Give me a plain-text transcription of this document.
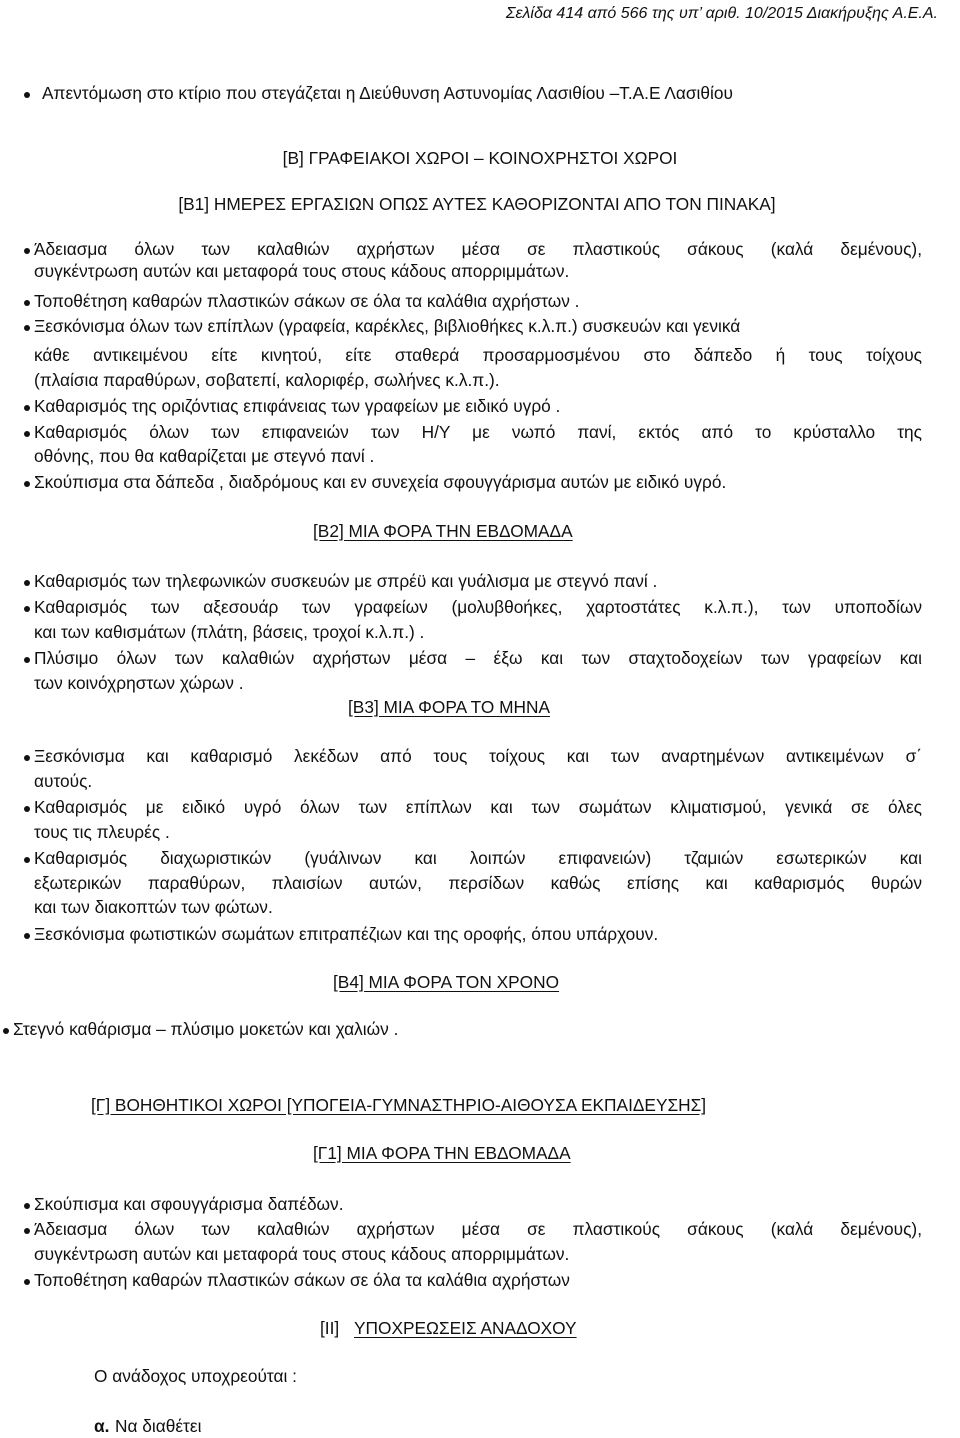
Σελίδα 414 από 566 της υπ’ αριθ. 10/2015 Διακήρυξης Α.Ε.Α.
Απεντόμωση στο κτίριο που στεγάζεται η Διεύθυνση Αστυνομίας Λασιθίου –Τ.Α.Ε Λασιθίου
[Β] ΓΡΑΦΕΙΑΚΟΙ ΧΩΡΟΙ – ΚΟΙΝΟΧΡΗΣΤΟΙ ΧΩΡΟΙ
[Β1] ΗΜΕΡΕΣ ΕΡΓΑΣΙΩΝ ΟΠΩΣ ΑΥΤΕΣ ΚΑΘΟΡΙΖΟΝΤΑΙ ΑΠΟ ΤΟΝ ΠΙΝΑΚΑ]
Άδειασμα όλων των καλαθιών αχρήστων μέσα σε πλαστικούς σάκους (καλά δεμένους),
συγκέντρωση αυτών και μεταφορά τους στους κάδους απορριμμάτων.
Τοποθέτηση καθαρών πλαστικών σάκων σε όλα τα καλάθια αχρήστων .
Ξεσκόνισμα όλων των επίπλων (γραφεία, καρέκλες, βιβλιοθήκες κ.λ.π.) συσκευών και γενικά
κάθε αντικειμένου είτε κινητού, είτε σταθερά προσαρμοσμένου στο δάπεδο ή τους τοίχους
(πλαίσια παραθύρων, σοβατεπί, καλοριφέρ, σωλήνες κ.λ.π.).
Καθαρισμός της οριζόντιας επιφάνειας των γραφείων με ειδικό υγρό .
Καθαρισμός όλων των επιφανειών των Η/Υ με νωπό πανί, εκτός από το κρύσταλλο της
οθόνης, που θα καθαρίζεται με στεγνό πανί .
Σκούπισμα στα δάπεδα , διαδρόμους και εν συνεχεία σφουγγάρισμα αυτών με ειδικό υγρό.
[Β2] ΜΙΑ ΦΟΡΑ ΤΗΝ ΕΒΔΟΜΑΔΑ
Καθαρισμός των τηλεφωνικών συσκευών με σπρέϋ και γυάλισμα με στεγνό πανί .
Καθαρισμός των αξεσουάρ των γραφείων (μολυβθοήκες, χαρτοστάτες κ.λ.π.), των υποποδίων
και των καθισμάτων (πλάτη, βάσεις, τροχοί κ.λ.π.) .
Πλύσιμο όλων των καλαθιών αχρήστων μέσα – έξω και των σταχτοδοχείων των γραφείων και
των κοινόχρηστων χώρων .
[Β3] ΜΙΑ ΦΟΡΑ ΤΟ ΜΗΝΑ
Ξεσκόνισμα και καθαρισμό λεκέδων από τους τοίχους και των αναρτημένων αντικειμένων σ΄
αυτούς.
Καθαρισμός με ειδικό υγρό όλων των επίπλων και των σωμάτων κλιματισμού, γενικά σε όλες
τους τις πλευρές .
Καθαρισμός διαχωριστικών (γυάλινων και λοιπών επιφανειών) τζαμιών εσωτερικών και
εξωτερικών παραθύρων, πλαισίων αυτών, περσίδων καθώς επίσης και καθαρισμός θυρών
και των διακοπτών των φώτων.
Ξεσκόνισμα φωτιστικών σωμάτων επιτραπέζιων και της οροφής, όπου υπάρχουν.
[Β4] ΜΙΑ ΦΟΡΑ ΤΟΝ ΧΡΟΝΟ
Στεγνό καθάρισμα – πλύσιμο μοκετών και χαλιών .
[Γ] ΒΟΗΘΗΤΙΚΟΙ ΧΩΡΟΙ [ΥΠΟΓΕΙΑ-ΓΥΜΝΑΣΤΗΡΙΟ-ΑΙΘΟΥΣΑ ΕΚΠΑΙΔΕΥΣΗΣ]
[Γ1] ΜΙΑ ΦΟΡΑ ΤΗΝ ΕΒΔΟΜΑΔΑ
Σκούπισμα και σφουγγάρισμα δαπέδων.
Άδειασμα όλων των καλαθιών αχρήστων μέσα σε πλαστικούς σάκους (καλά δεμένους),
συγκέντρωση αυτών και μεταφορά τους στους κάδους απορριμμάτων.
Τοποθέτηση καθαρών πλαστικών σάκων σε όλα τα καλάθια αχρήστων
[ΙΙ] ΥΠΟΧΡΕΩΣΕΙΣ ΑΝΑΔΟΧΟΥ
Ο ανάδοχος υποχρεούται :
α. Να διαθέτει
